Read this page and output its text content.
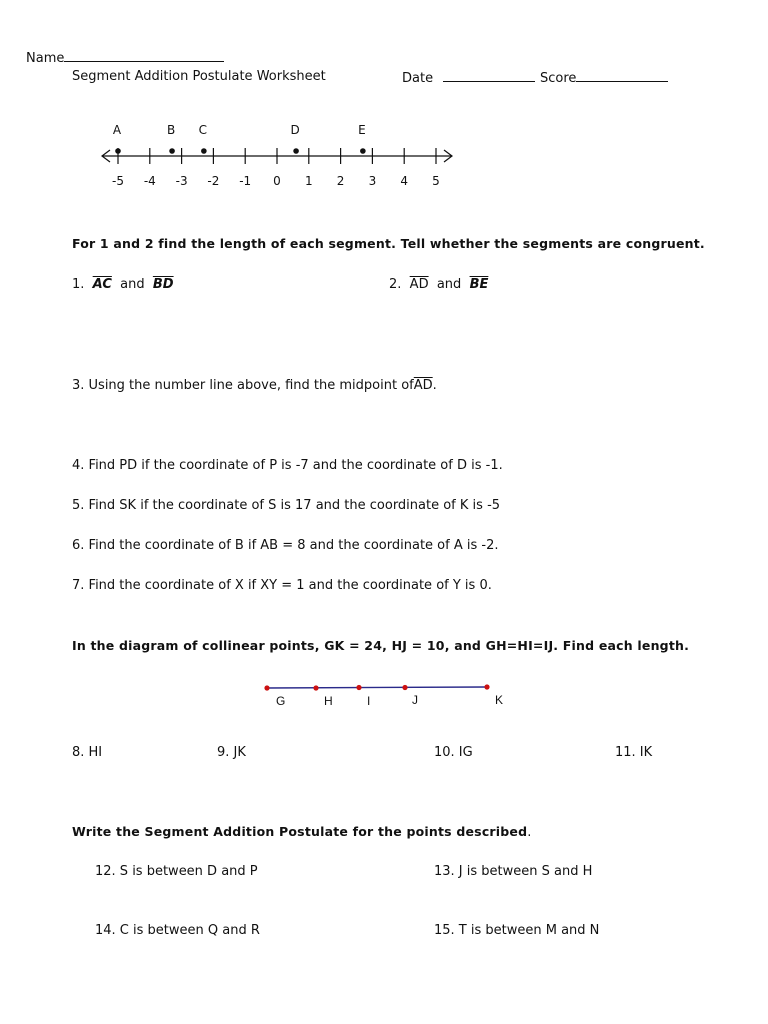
Name
Segment Addition Postulate Worksheet	Date	Score
-5 -4 -3 -2 -1 0 1 2 3 4 5
A	B C	D	E
For 1 and 2 find the length of each segment. Tell whether the segments are congruent.
1. $\overline{AC}$ and $\overline{BD}$	2. $\overline{AD}$ and $\overline{BE}$
3. Using the number line above, find the midpoint $of\overline{AD}$.
4. Find PD if the coordinate of P is -7 and the coordinate of D is -1.
5. Find SK if the coordinate of S is 17 and the coordinate of K is -5
6. Find the coordinate of B if AB = 8 and the coordinate of A is -2.
7. Find the coordinate of X if XY = 1 and the coordinate of Y is 0.
In the diagram of collinear points, GK = 24, HJ = 10, and GH=HI=IJ. Find each length.
G	H	I	J	K
8. HI	9. JK	10. IG	11. IK
Write the Segment Addition Postulate for the points described.
12. S is between D and P	13. J is between S and H
14. C is between Q and R	15. T is between M and N
